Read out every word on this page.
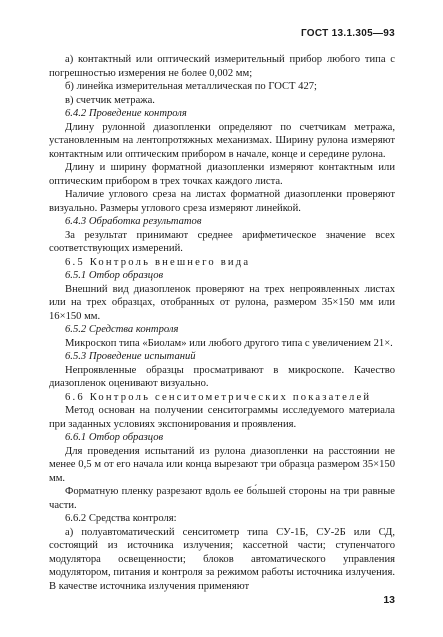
ГОСТ 13.1.305—93

а) контактный или оптический измерительный прибор любого типа с погрешностью измерения не более 0,002 мм;

б) линейка измерительная металлическая по ГОСТ 427;

в) счетчик метража.

6.4.2 Проведение контроля

Длину рулонной диазопленки определяют по счетчикам метража, установленным на лентопротяжных механизмах. Ширину рулона измеряют контактным или оптическим прибором в начале, конце и середине рулона.

Длину и ширину форматной диазопленки измеряют контактным или оптическим прибором в трех точках каждого листа.

Наличие углового среза на листах форматной диазопленки проверяют визуально. Размеры углового среза измеряют линейкой.

6.4.3 Обработка результатов

За результат принимают среднее арифметическое значение всех соответствующих измерений.

6.5 Контроль внешнего вида

6.5.1 Отбор образцов

Внешний вид диазопленок проверяют на трех непроявленных листах или на трех образцах, отобранных от рулона, размером 35×150 мм или 16×150 мм.

6.5.2 Средства контроля

Микроскоп типа «Биолам» или любого другого типа с увеличением 21×.

6.5.3 Проведение испытаний

Непроявленные образцы просматривают в микроскопе. Качество диазопленок оценивают визуально.

6.6 Контроль сенситометрических показателей

Метод основан на получении сенситограммы исследуемого материала при заданных условиях экспонирования и проявления.

6.6.1 Отбор образцов

Для проведения испытаний из рулона диазопленки на расстоянии не менее 0,5 м от его начала или конца вырезают три образца размером 35×150 мм.

Форматную пленку разрезают вдоль ее бо́льшей стороны на три равные части.

6.6.2 Средства контроля:

а) полуавтоматический сенситометр типа СУ-1Б, СУ-2Б или СД, состоящий из источника излучения; кассетной части; ступенчатого модулятора освещенности; блоков автоматического управления модулятором, питания и контроля за режимом работы источника излучения. В качестве источника излучения применяют

13
